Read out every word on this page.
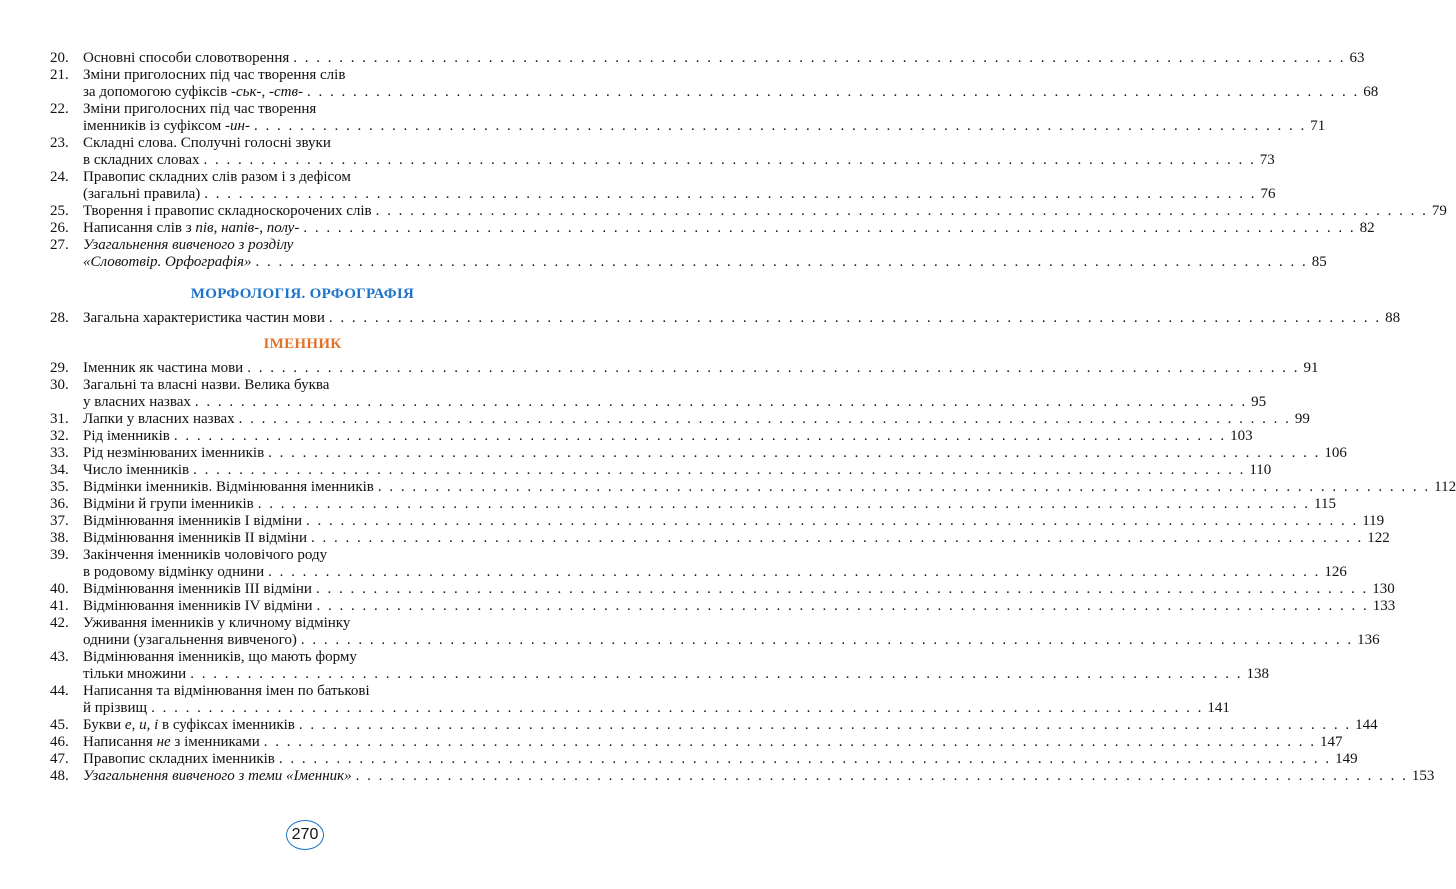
20. Основні способи словотворення . . .	63
21. Зміни приголосних під час творення слів
за допомогою суфіксів -ськ-, -ств- . . .	68
22. Зміни приголосних під час творення
іменників із суфіксом -ин- . . .	71
23. Складні слова. Сполучні голосні звуки
в складних словах . . .	73
24. Правопис складних слів разом і з дефісом
(загальні правила) . . .	76
25. Творення і правопис складноскорочених слів . . .	79
26. Написання слів з пів, напів-, полу- . . .	82
27. Узагальнення вивченого з розділу
«Словотвір. Орфографія» . . .	85
МОРФОЛОГІЯ. ОРФОГРАФІЯ
28. Загальна характеристика частин мови . . .	88
ІМЕННИК
29. Іменник як частина мови . . .	91
30. Загальні та власні назви. Велика буква
у власних назвах . . .	95
31. Лапки у власних назвах . . .	99
32. Рід іменників . . .	103
33. Рід незмінюваних іменників . . .	106
34. Число іменників . . .	110
35. Відмінки іменників. Відмінювання іменників . . .	112
36. Відміни й групи іменників . . .	115
37. Відмінювання іменників І відміни . . .	119
38. Відмінювання іменників ІІ відміни . . .	122
39. Закінчення іменників чоловічого роду
в родовому відмінку однини . . .	126
40. Відмінювання іменників ІІІ відміни . . .	130
41. Відмінювання іменників IV відміни . . .	133
42. Уживання іменників у кличному відмінку
однини (узагальнення вивченого) . . .	136
43. Відмінювання іменників, що мають форму
тільки множини . . .	138
44. Написання та відмінювання імен по батькові
й прізвищ . . .	141
45. Букви е, и, і в суфіксах іменників . . .	144
46. Написання не з іменниками . . .	147
47. Правопис складних іменників . . .	149
48. Узагальнення вивченого з теми «Іменник» . . .	153
270
